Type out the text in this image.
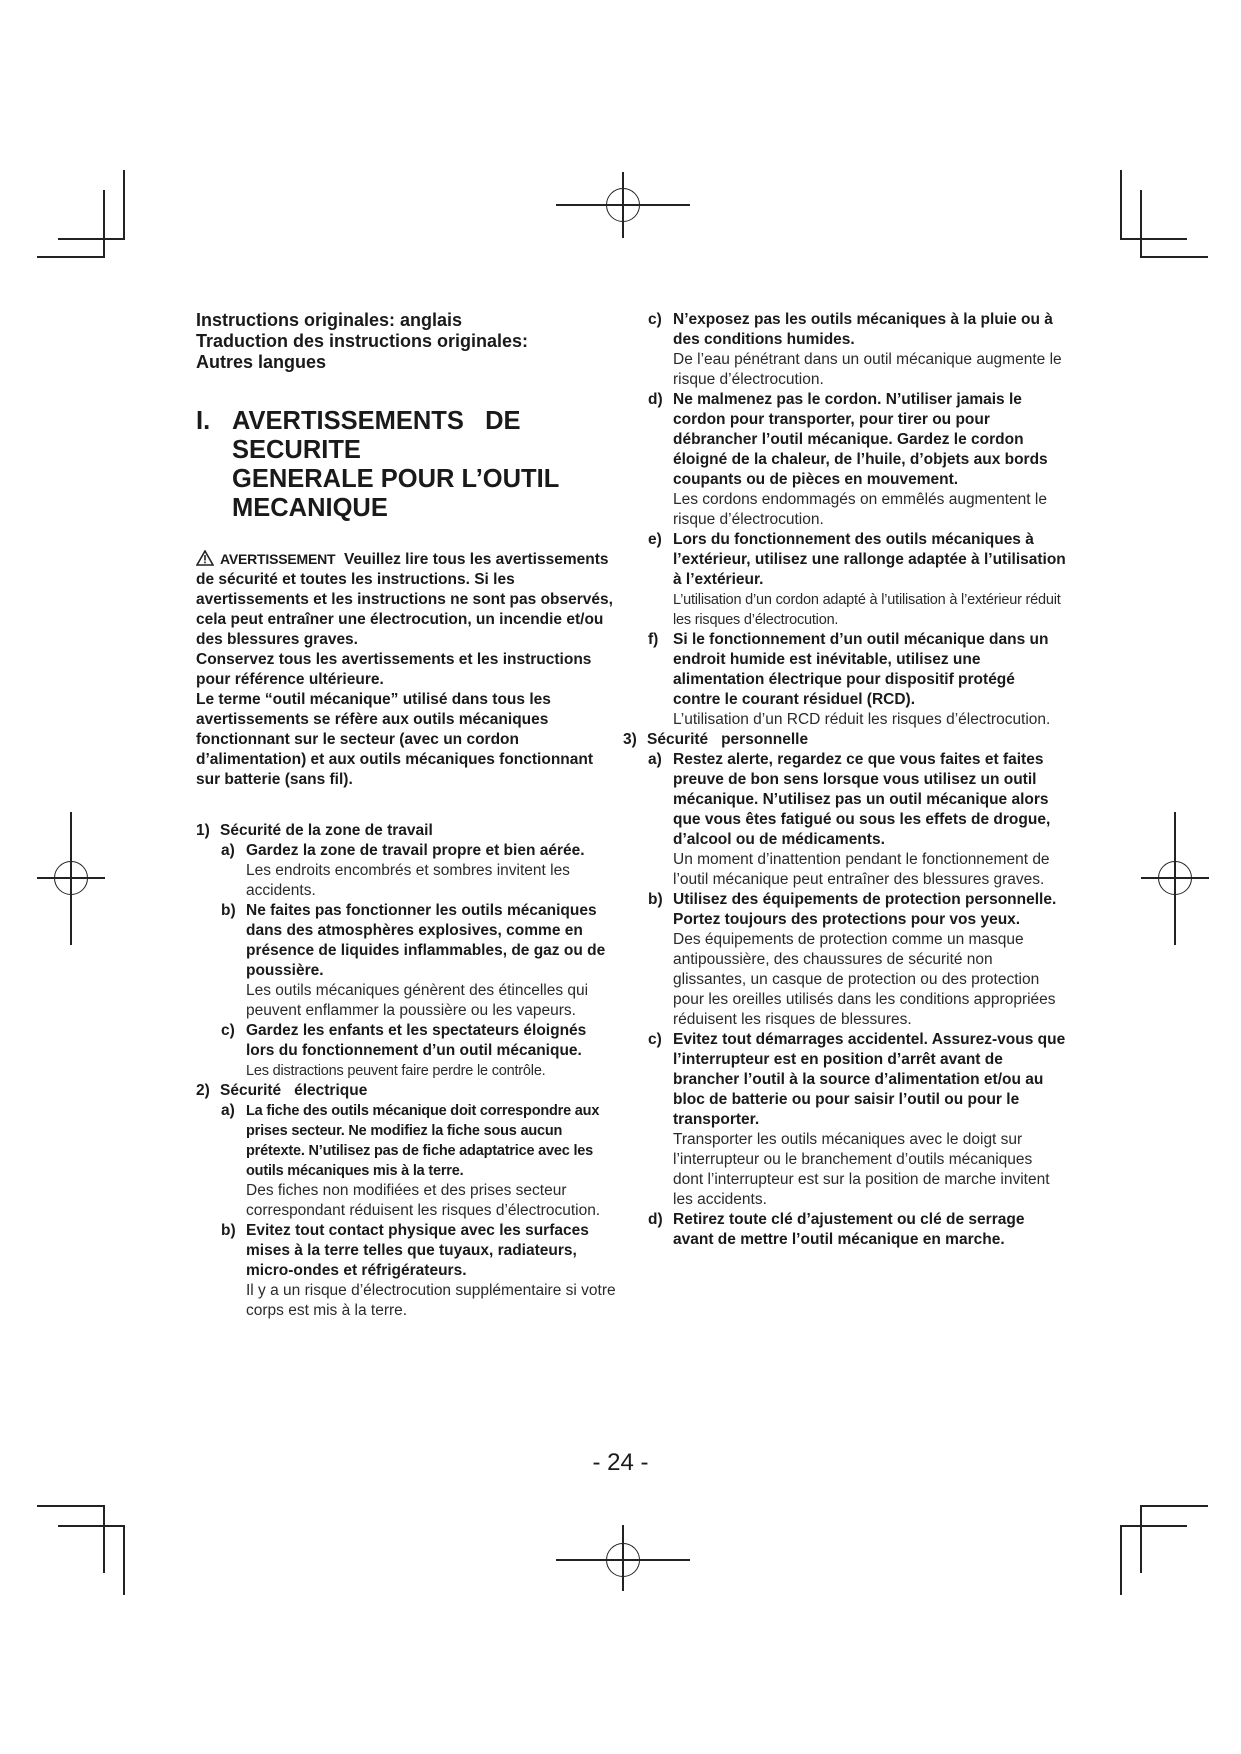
Instructions originales: anglais

Traduction des instructions originales:

Autres langues

I. AVERTISSEMENTS   DE
SECURITE
GENERALE POUR L’OUTIL
MECANIQUE

AVERTISSEMENT Veuillez lire tous les avertissements de sécurité et toutes les instructions. Si les avertissements et les instructions ne sont pas observés, cela peut entraîner une électrocution, un incendie et/ou des blessures graves.

Conservez tous les avertissements et les instructions pour référence ultérieure.

Le terme “outil mécanique” utilisé dans tous les avertissements se réfère aux outils mécaniques fonctionnant sur le secteur (avec un cordon d’alimentation) et aux outils mécaniques fonctionnant sur batterie (sans fil).

1) Sécurité de la zone de travail
a) Gardez la zone de travail propre et bien aérée.
Les endroits encombrés et sombres invitent les accidents.
b) Ne faites pas fonctionner les outils mécaniques dans des atmosphères explosives, comme en présence de liquides inflammables, de gaz ou de poussière.
Les outils mécaniques génèrent des étincelles qui peuvent enflammer la poussière ou les vapeurs.
c) Gardez les enfants et les spectateurs éloignés lors du fonctionnement d’un outil mécanique.
Les distractions peuvent faire perdre le contrôle.
2) Sécurité   électrique
a) La fiche des outils mécanique doit correspondre aux prises secteur. Ne modifiez la fiche sous aucun prétexte. N’utilisez pas de fiche adaptatrice avec les outils mécaniques mis à la terre.
Des fiches non modifiées et des prises secteur correspondant réduisent les risques d’électrocution.
b) Evitez tout contact physique avec les surfaces mises à la terre telles que tuyaux, radiateurs, micro-ondes et réfrigérateurs.
Il y a un risque d’électrocution supplémentaire si votre corps est mis à la terre.
c) N’exposez pas les outils mécaniques à la pluie ou à des conditions humides.
De l’eau pénétrant dans un outil mécanique augmente le risque d’électrocution.
d) Ne malmenez pas le cordon. N’utiliser jamais le cordon pour transporter, pour tirer ou pour débrancher l’outil mécanique. Gardez le cordon éloigné de la chaleur, de l’huile, d’objets aux bords coupants ou de pièces en mouvement.
Les cordons endommagés on emmêlés augmentent le risque d’électrocution.
e) Lors du fonctionnement des outils mécaniques à l’extérieur, utilisez une rallonge adaptée à l’utilisation à l’extérieur.
L’utilisation d’un cordon adapté à l’utilisation à l’extérieur réduit les risques d’électrocution.
f) Si le fonctionnement d’un outil mécanique dans un endroit humide est inévitable, utilisez une alimentation électrique pour dispositif protégé contre le courant résiduel (RCD).
L’utilisation d’un RCD réduit les risques d’électrocution.
3) Sécurité   personnelle
a) Restez alerte, regardez ce que vous faites et faites preuve de bon sens lorsque vous utilisez un outil mécanique. N’utilisez pas un outil mécanique alors que vous êtes fatigué ou sous les effets de drogue, d’alcool ou de médicaments.
Un moment d’inattention pendant le fonctionnement de l’outil mécanique peut entraîner des blessures graves.
b) Utilisez des équipements de protection personnelle. Portez toujours des protections pour vos yeux.
Des équipements de protection comme un masque antipoussière, des chaussures de sécurité non glissantes, un casque de protection ou des protection pour les oreilles utilisés dans les conditions appropriées réduisent les risques de blessures.
c) Evitez tout démarrages accidentel. Assurez-vous que l’interrupteur est en position d’arrêt avant de brancher l’outil à la source d’alimentation et/ou au bloc de batterie ou pour saisir l’outil ou pour le transporter.
Transporter les outils mécaniques avec le doigt sur l’interrupteur ou le branchement d’outils mécaniques dont l’interrupteur est sur la position de marche invitent les accidents.
d) Retirez toute clé d’ajustement ou clé de serrage avant de mettre l’outil mécanique en marche.
- 24 -
